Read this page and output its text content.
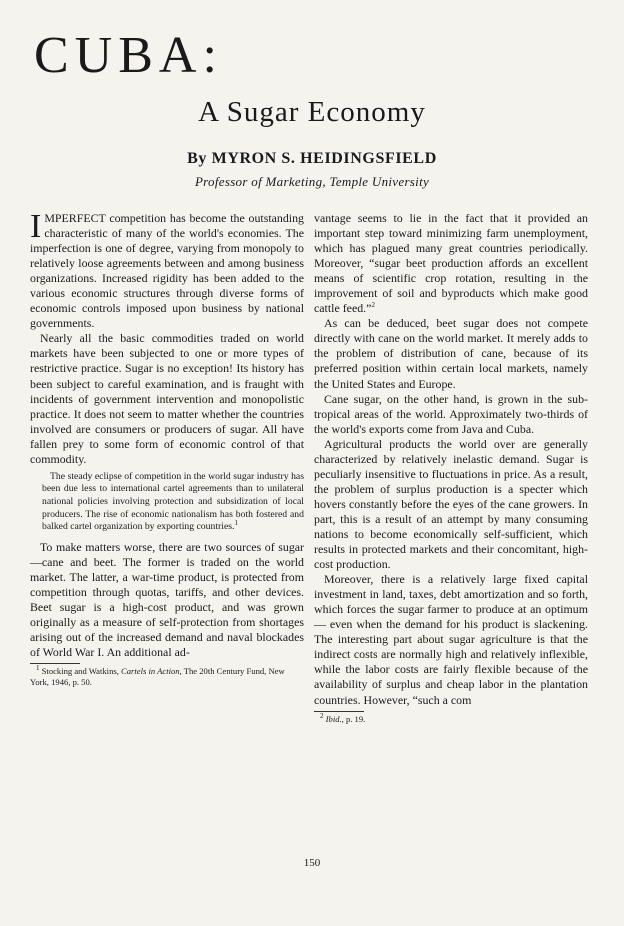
CUBA:
A Sugar Economy
By MYRON S. HEIDINGSFIELD
Professor of Marketing, Temple University

IMPERFECT competition has become the outstanding characteristic of many of the world's economies. The imperfection is one of degree, varying from monopoly to relatively loose agreements between and among business organizations. Increased rigidity has been added to the various economic structures through diverse forms of economic controls imposed upon business by national governments.

Nearly all the basic commodities traded on world markets have been subjected to one or more types of restrictive practice. Sugar is no exception! Its history has been subject to careful examination, and is fraught with incidents of government intervention and monopolistic practice. It does not seem to matter whether the countries involved are consumers or producers of sugar. All have fallen prey to some form of economic control of that commodity.

The steady eclipse of competition in the world sugar industry has been due less to international cartel agreements than to unilateral national policies involving protection and subsidization of local producers. The rise of economic nationalism has both fostered and balked cartel organization by exporting countries.$^1$

To make matters worse, there are two sources of sugar—cane and beet. The former is traded on the world market. The latter, a war-time product, is protected from competition through quotas, tariffs, and other devices. Beet sugar is a high-cost product, and was grown originally as a measure of self-protection from shortages arising out of the increased demand and naval blockades of World War I. An additional ad-

$^1$ Stocking and Watkins, Cartels in Action, The 20th Century Fund, New York, 1946, p. 50.

vantage seems to lie in the fact that it provided an important step toward minimizing farm unemployment, which has plagued many great countries periodically. Moreover, “sugar beet production affords an excellent means of scientific crop rotation, resulting in the improvement of soil and byproducts which make good cattle feed.”$^2$

As can be deduced, beet sugar does not compete directly with cane on the world market. It merely adds to the problem of distribution of cane, because of its preferred position within certain local markets, namely the United States and Europe.

Cane sugar, on the other hand, is grown in the sub-tropical areas of the world. Approximately two-thirds of the world's exports come from Java and Cuba.

Agricultural products the world over are generally characterized by relatively inelastic demand. Sugar is peculiarly insensitive to fluctuations in price. As a result, the problem of surplus production is a specter which hovers constantly before the eyes of the cane growers. In part, this is a result of an attempt by many consuming nations to become economically self-sufficient, which results in protected markets and their concomitant, high-cost production.

Moreover, there is a relatively large fixed capital investment in land, taxes, debt amortization and so forth, which forces the sugar farmer to produce at an optimum — even when the demand for his product is slackening. The interesting part about sugar agriculture is that the indirect costs are normally high and relatively inflexible, while the labor costs are fairly flexible because of the availability of surplus and cheap labor in the plantation countries. However, “such a com

$^2$ Ibid., p. 19.

150
